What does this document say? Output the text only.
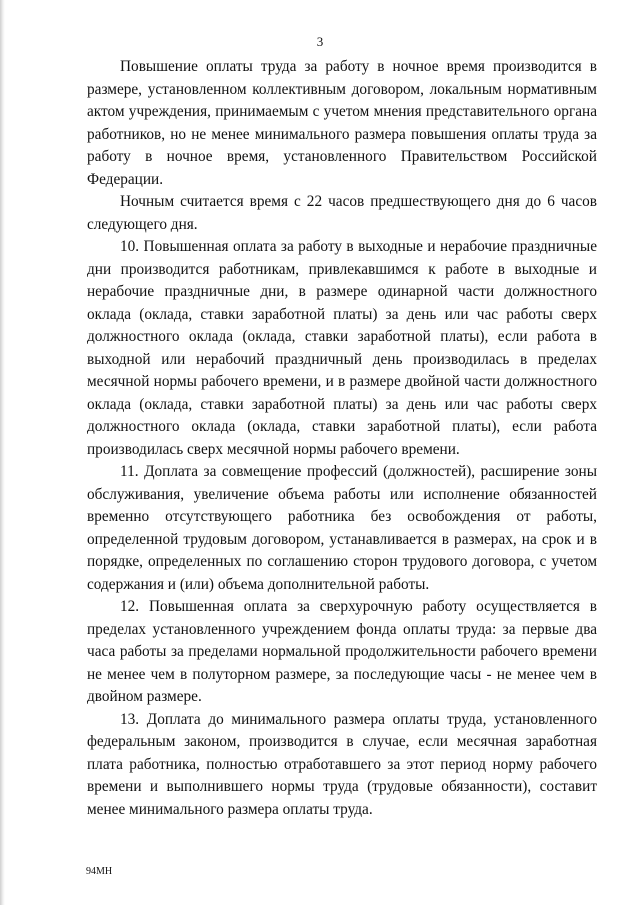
3

Повышение оплаты труда за работу в ночное время производится в размере, установленном коллективным договором, локальным нормативным актом учреждения, принимаемым с учетом мнения представительного органа работников, но не менее минимального размера повышения оплаты труда за работу в ночное время, установленного Правительством Российской Федерации.

Ночным считается время с 22 часов предшествующего дня до 6 часов следующего дня.

10. Повышенная оплата за работу в выходные и нерабочие праздничные дни производится работникам, привлекавшимся к работе в выходные и нерабочие праздничные дни, в размере одинарной части должностного оклада (оклада, ставки заработной платы) за день или час работы сверх должностного оклада (оклада, ставки заработной платы), если работа в выходной или нерабочий праздничный день производилась в пределах месячной нормы рабочего времени, и в размере двойной части должностного оклада (оклада, ставки заработной платы) за день или час работы сверх должностного оклада (оклада, ставки заработной платы), если работа производилась сверх месячной нормы рабочего времени.

11. Доплата за совмещение профессий (должностей), расширение зоны обслуживания, увеличение объема работы или исполнение обязанностей временно отсутствующего работника без освобождения от работы, определенной трудовым договором, устанавливается в размерах, на срок и в порядке, определенных по соглашению сторон трудового договора, с учетом содержания и (или) объема дополнительной работы.

12. Повышенная оплата за сверхурочную работу осуществляется в пределах установленного учреждением фонда оплаты труда: за первые два часа работы за пределами нормальной продолжительности рабочего времени не менее чем в полуторном размере, за последующие часы - не менее чем в двойном размере.

13. Доплата до минимального размера оплаты труда, установленного федеральным законом, производится в случае, если месячная заработная плата работника, полностью отработавшего за этот период норму рабочего времени и выполнившего нормы труда (трудовые обязанности), составит менее минимального размера оплаты труда.

94МН
